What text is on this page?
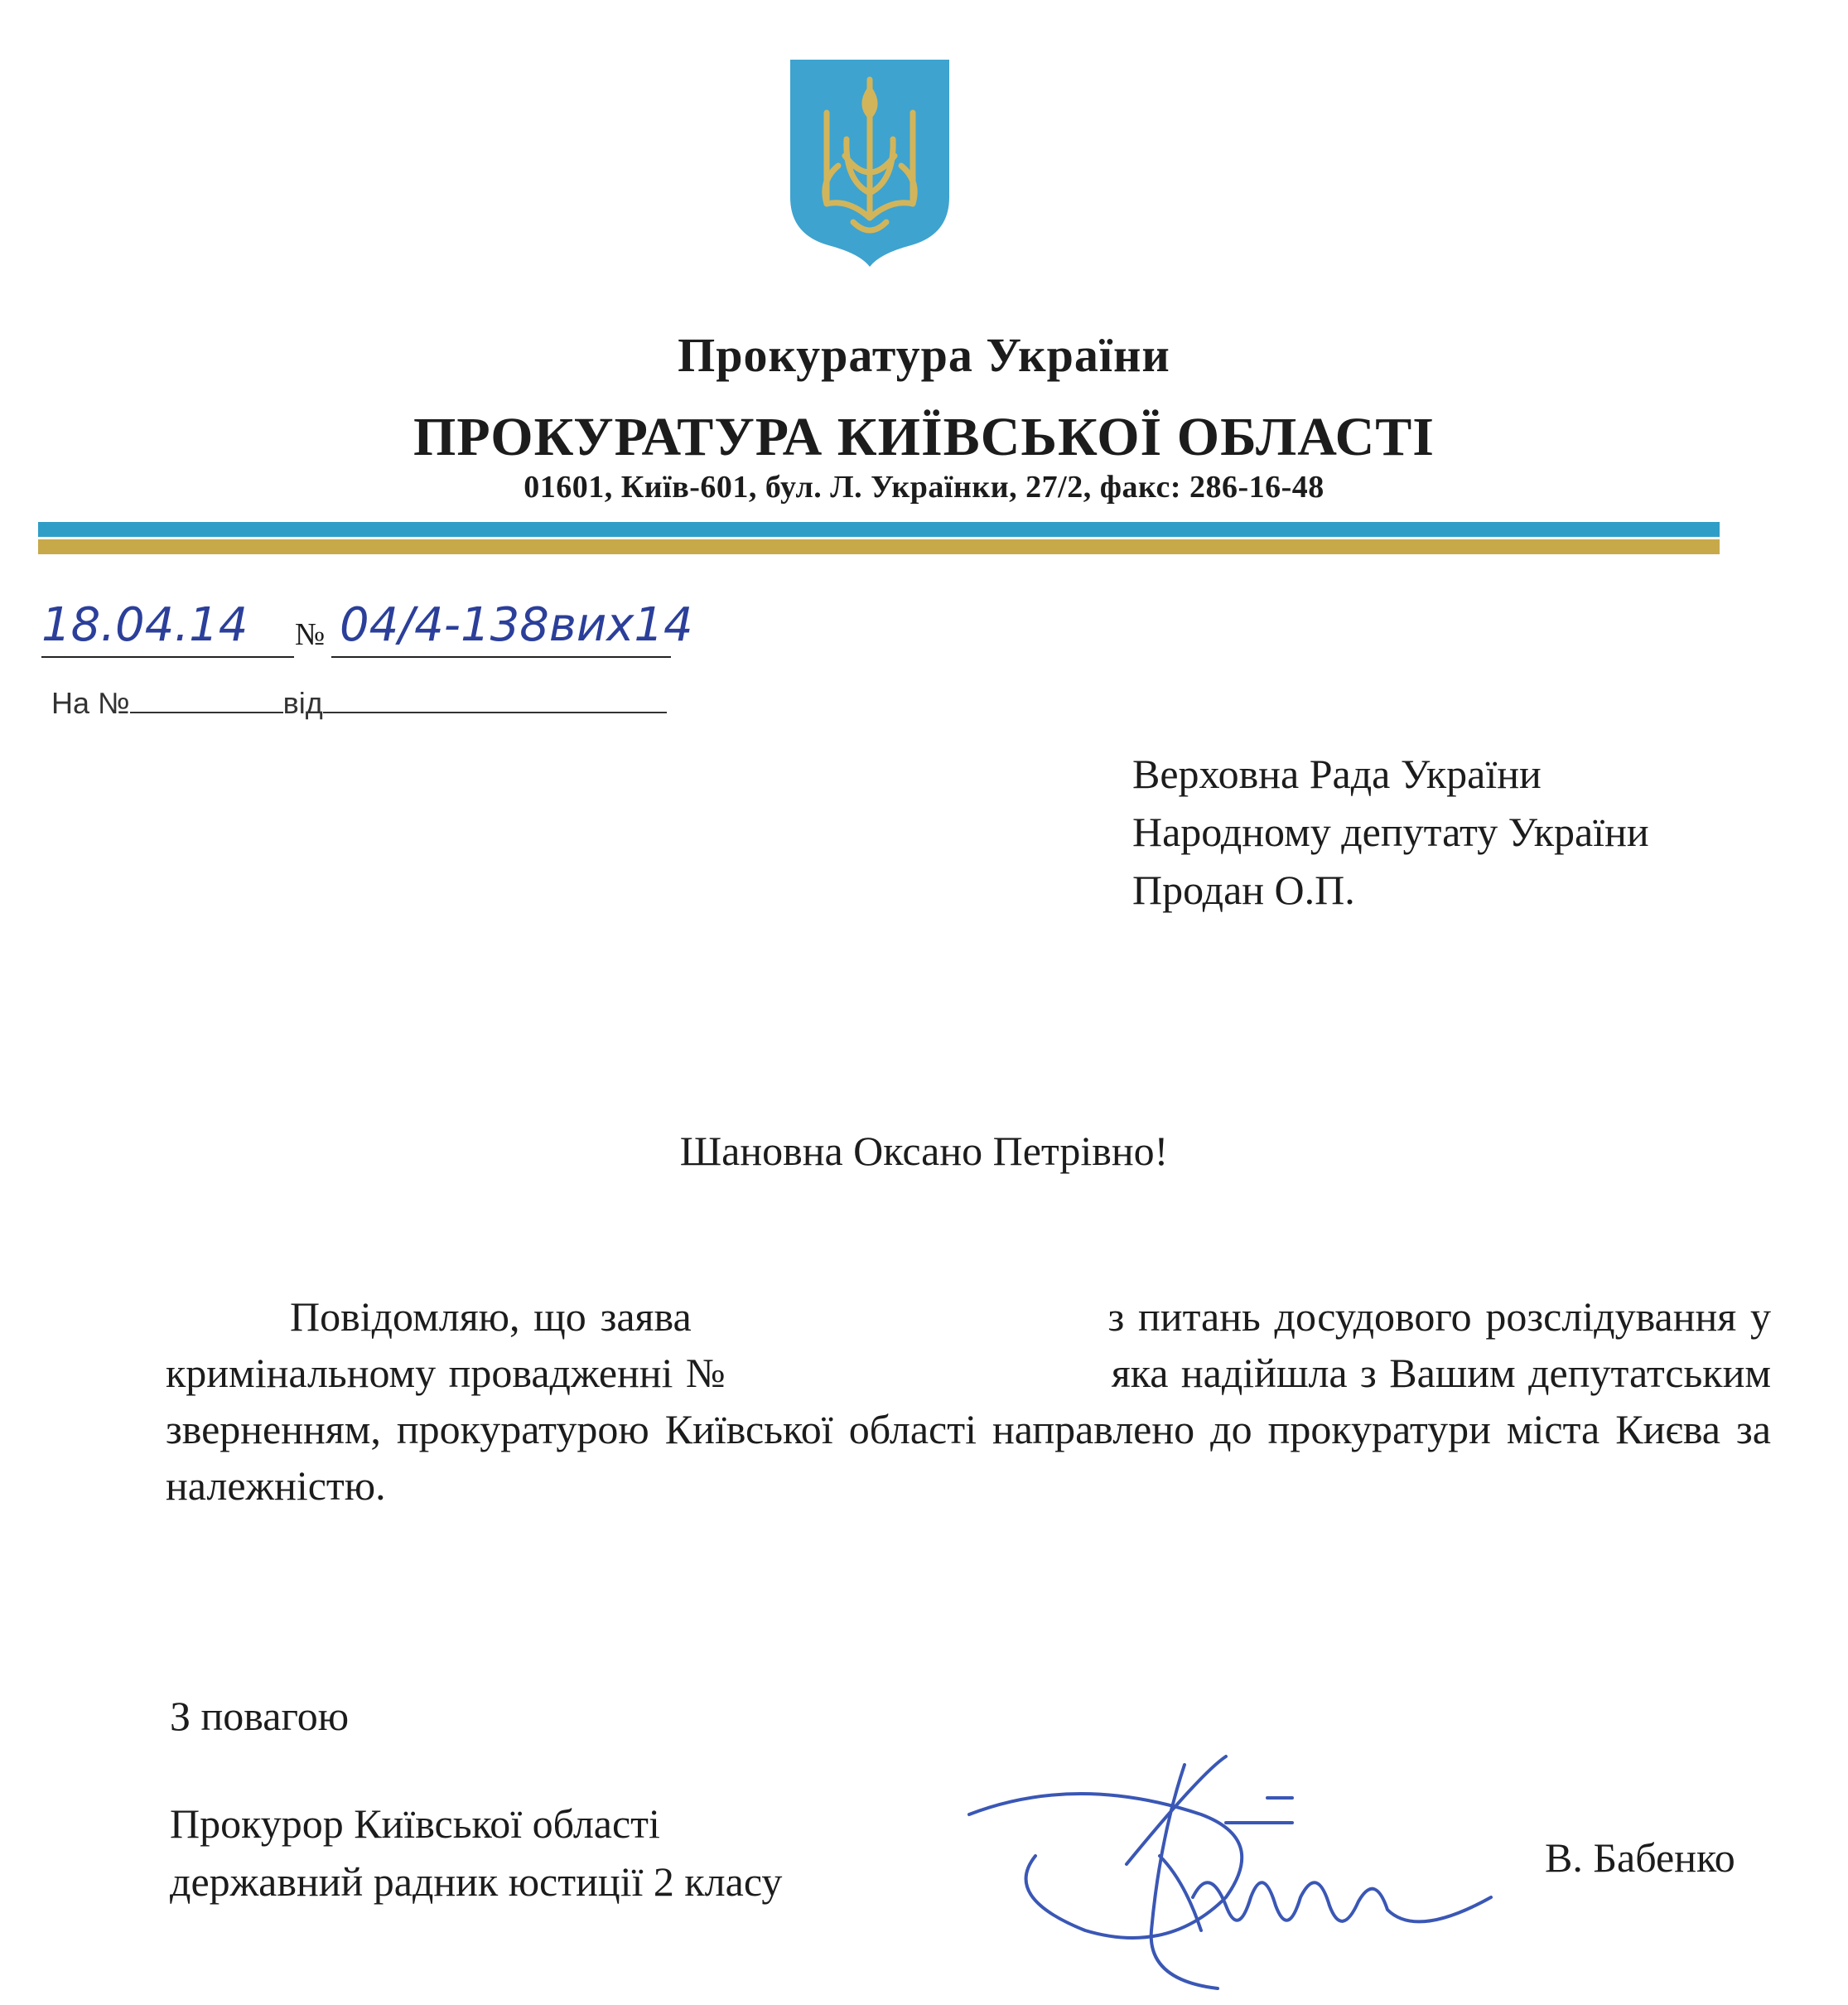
Прокуратура України
ПРОКУРАТУРА КИЇВСЬКОЇ ОБЛАСТІ
01601, Київ-601, бул. Л. Українки, 27/2, факс: 286-16-48
18.04.14 № 04/4-138вих14
На №	від
Верховна Рада України
Народному депутату України
Продан О.П.
Шановна Оксано Петрівно!

Повідомляю, що заява                              з питань досудового розслідування у кримінальному провадженні №                              яка надійшла з Вашим депутатським зверненням, прокуратурою Київської області направлено до прокуратури міста Києва за належністю.

З повагою
Прокурор Київської області
державний радник юстиції 2 класу
В. Бабенко
